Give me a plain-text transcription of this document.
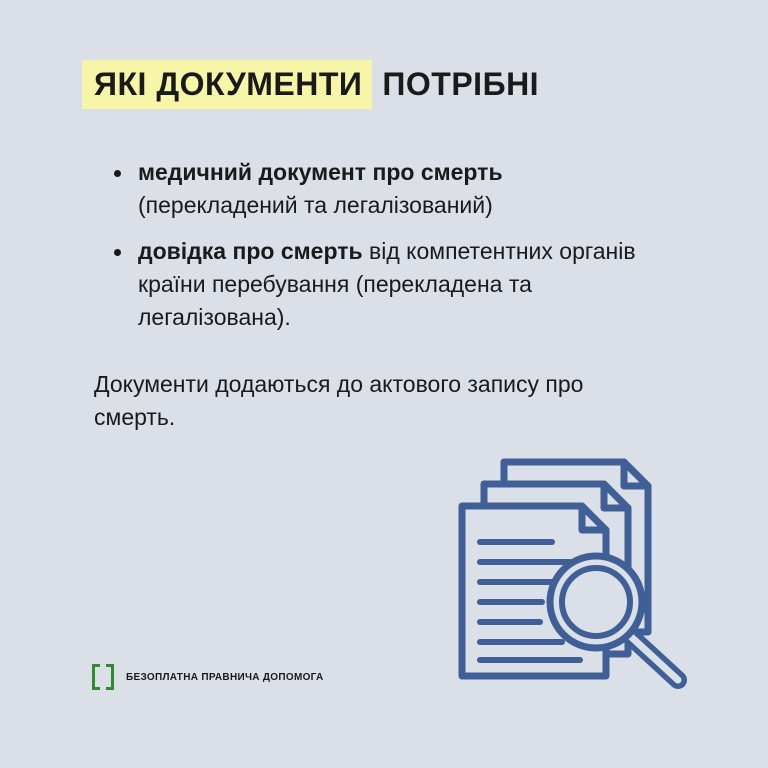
ЯКІ ДОКУМЕНТИ ПОТРІБНІ
медичний документ про смерть
(перекладений та легалізований)
довідка про смерть від компетентних органів країни перебування (перекладена та легалізована).
Документи додаються до актового запису про смерть.
БЕЗОПЛАТНА ПРАВНИЧА ДОПОМОГА
